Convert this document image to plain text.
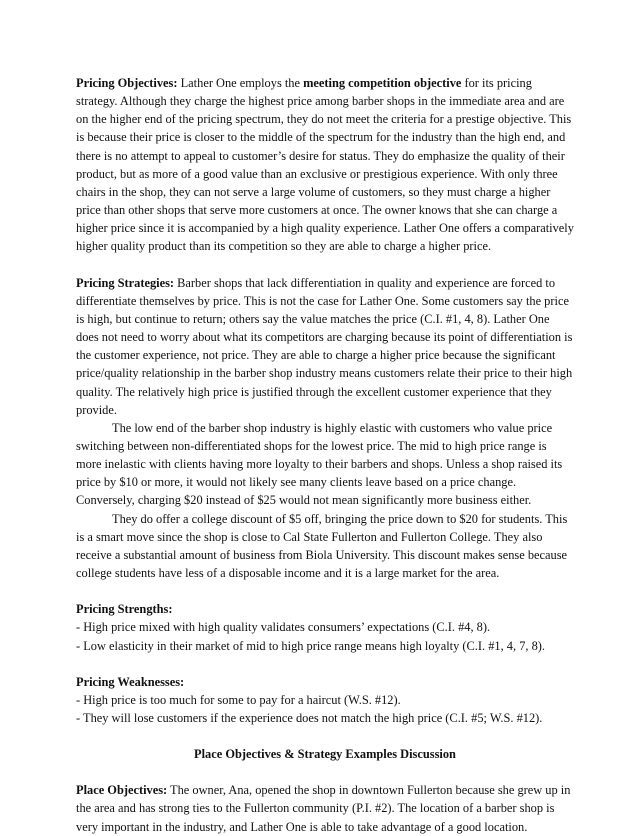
Pricing Objectives: Lather One employs the meeting competition objective for its pricing strategy. Although they charge the highest price among barber shops in the immediate area and are on the higher end of the pricing spectrum, they do not meet the criteria for a prestige objective. This is because their price is closer to the middle of the spectrum for the industry than the high end, and there is no attempt to appeal to customer’s desire for status. They do emphasize the quality of their product, but as more of a good value than an exclusive or prestigious experience. With only three chairs in the shop, they can not serve a large volume of customers, so they must charge a higher price than other shops that serve more customers at once. The owner knows that she can charge a higher price since it is accompanied by a high quality experience. Lather One offers a comparatively higher quality product than its competition so they are able to charge a higher price.

Pricing Strategies: Barber shops that lack differentiation in quality and experience are forced to differentiate themselves by price. This is not the case for Lather One. Some customers say the price is high, but continue to return; others say the value matches the price (C.I. #1, 4, 8). Lather One does not need to worry about what its competitors are charging because its point of differentiation is the customer experience, not price. They are able to charge a higher price because the significant price/quality relationship in the barber shop industry means customers relate their price to their high quality. The relatively high price is justified through the excellent customer experience that they provide.

The low end of the barber shop industry is highly elastic with customers who value price switching between non-differentiated shops for the lowest price. The mid to high price range is more inelastic with clients having more loyalty to their barbers and shops. Unless a shop raised its price by $10 or more, it would not likely see many clients leave based on a price change. Conversely, charging $20 instead of $25 would not mean significantly more business either.

They do offer a college discount of $5 off, bringing the price down to $20 for students. This is a smart move since the shop is close to Cal State Fullerton and Fullerton College. They also receive a substantial amount of business from Biola University. This discount makes sense because college students have less of a disposable income and it is a large market for the area.

Pricing Strengths:
- High price mixed with high quality validates consumers’ expectations (C.I. #4, 8).
- Low elasticity in their market of mid to high price range means high loyalty (C.I. #1, 4, 7, 8).

Pricing Weaknesses:
- High price is too much for some to pay for a haircut (W.S. #12).
- They will lose customers if the experience does not match the high price (C.I. #5; W.S. #12).

Place Objectives & Strategy Examples Discussion

Place Objectives: The owner, Ana, opened the shop in downtown Fullerton because she grew up in the area and has strong ties to the Fullerton community (P.I. #2). The location of a barber shop is very important in the industry, and Lather One is able to take advantage of a good location.
